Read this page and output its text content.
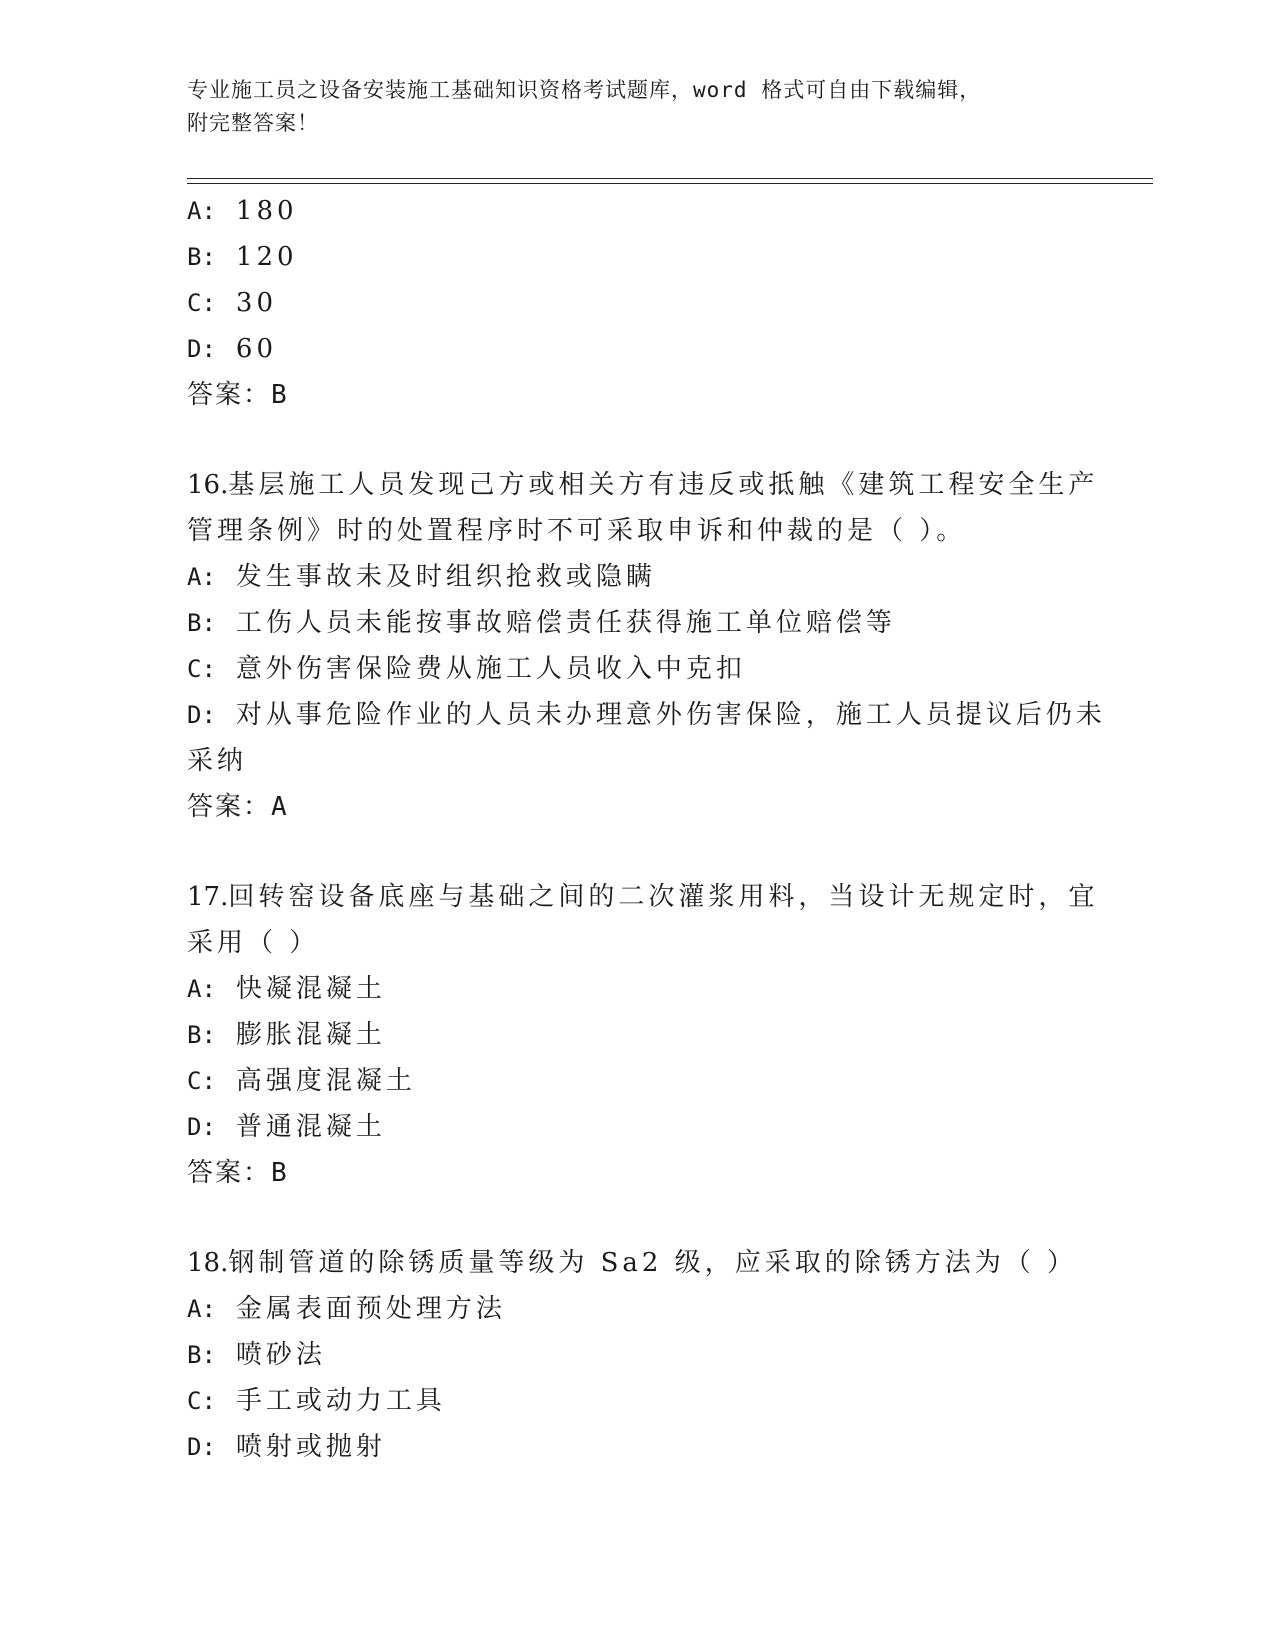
专业施工员之设备安装施工基础知识资格考试题库，word 格式可自由下载编辑，
附完整答案！
A: 180
B: 120
C: 30
D: 60
答案：B
16.基层施工人员发现己方或相关方有违反或抵触《建筑工程安全生产
管理条例》时的处置程序时不可采取申诉和仲裁的是（ ）。
A: 发生事故未及时组织抢救或隐瞒
B: 工伤人员未能按事故赔偿责任获得施工单位赔偿等
C: 意外伤害保险费从施工人员收入中克扣
D: 对从事危险作业的人员未办理意外伤害保险，施工人员提议后仍未
采纳
答案：A
17.回转窑设备底座与基础之间的二次灌浆用料，当设计无规定时，宜
采用（ ）
A: 快凝混凝土
B: 膨胀混凝土
C: 高强度混凝土
D: 普通混凝土
答案：B
18.钢制管道的除锈质量等级为 Sa2 级，应采取的除锈方法为（ ）
A: 金属表面预处理方法
B: 喷砂法
C: 手工或动力工具
D: 喷射或抛射
